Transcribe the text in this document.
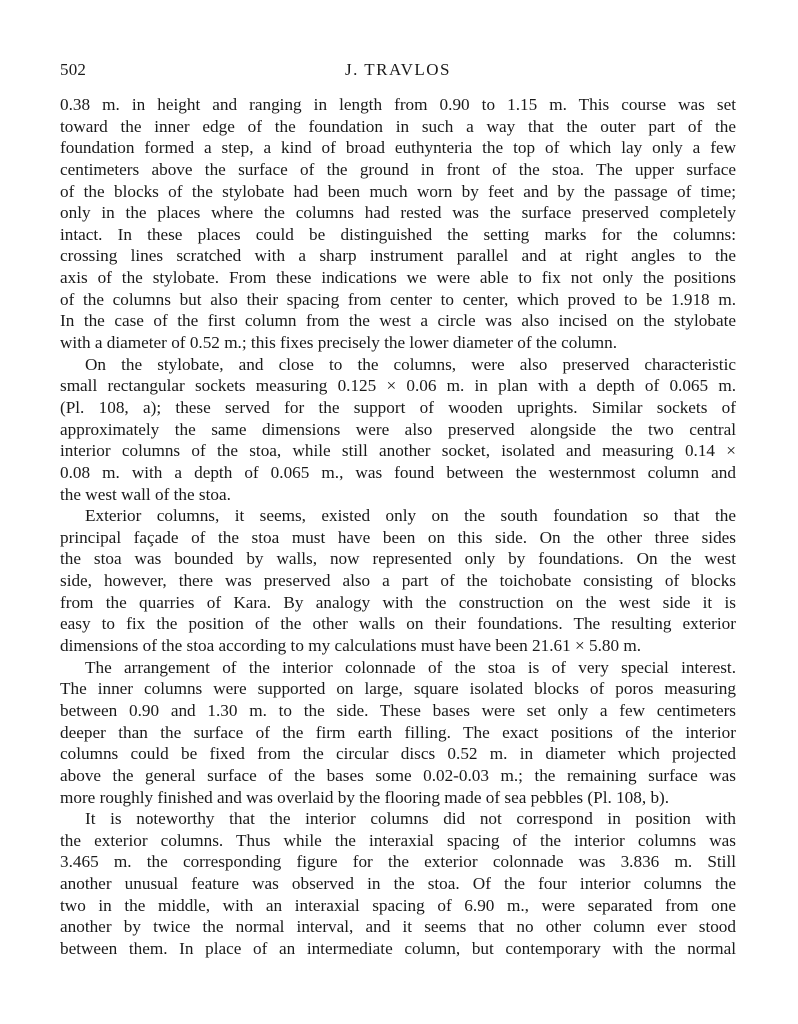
502	J. TRAVLOS
0.38 m. in height and ranging in length from 0.90 to 1.15 m. This course was set
toward the inner edge of the foundation in such a way that the outer part of the
foundation formed a step, a kind of broad euthynteria the top of which lay only a few
centimeters above the surface of the ground in front of the stoa. The upper surface
of the blocks of the stylobate had been much worn by feet and by the passage of time;
only in the places where the columns had rested was the surface preserved completely
intact. In these places could be distinguished the setting marks for the columns:
crossing lines scratched with a sharp instrument parallel and at right angles to the
axis of the stylobate. From these indications we were able to fix not only the positions
of the columns but also their spacing from center to center, which proved to be 1.918 m.
In the case of the first column from the west a circle was also incised on the stylobate
with a diameter of 0.52 m.; this fixes precisely the lower diameter of the column.
On the stylobate, and close to the columns, were also preserved characteristic
small rectangular sockets measuring 0.125 × 0.06 m. in plan with a depth of 0.065 m.
(Pl. 108, a); these served for the support of wooden uprights. Similar sockets of
approximately the same dimensions were also preserved alongside the two central
interior columns of the stoa, while still another socket, isolated and measuring 0.14 ×
0.08 m. with a depth of 0.065 m., was found between the westernmost column and
the west wall of the stoa.
Exterior columns, it seems, existed only on the south foundation so that the
principal façade of the stoa must have been on this side. On the other three sides
the stoa was bounded by walls, now represented only by foundations. On the west
side, however, there was preserved also a part of the toichobate consisting of blocks
from the quarries of Kara. By analogy with the construction on the west side it is
easy to fix the position of the other walls on their foundations. The resulting exterior
dimensions of the stoa according to my calculations must have been 21.61 × 5.80 m.
The arrangement of the interior colonnade of the stoa is of very special interest.
The inner columns were supported on large, square isolated blocks of poros measuring
between 0.90 and 1.30 m. to the side. These bases were set only a few centimeters
deeper than the surface of the firm earth filling. The exact positions of the interior
columns could be fixed from the circular discs 0.52 m. in diameter which projected
above the general surface of the bases some 0.02-0.03 m.; the remaining surface was
more roughly finished and was overlaid by the flooring made of sea pebbles (Pl. 108, b).
It is noteworthy that the interior columns did not correspond in position with
the exterior columns. Thus while the interaxial spacing of the interior columns was
3.465 m. the corresponding figure for the exterior colonnade was 3.836 m. Still
another unusual feature was observed in the stoa. Of the four interior columns the
two in the middle, with an interaxial spacing of 6.90 m., were separated from one
another by twice the normal interval, and it seems that no other column ever stood
between them. In place of an intermediate column, but contemporary with the normal
